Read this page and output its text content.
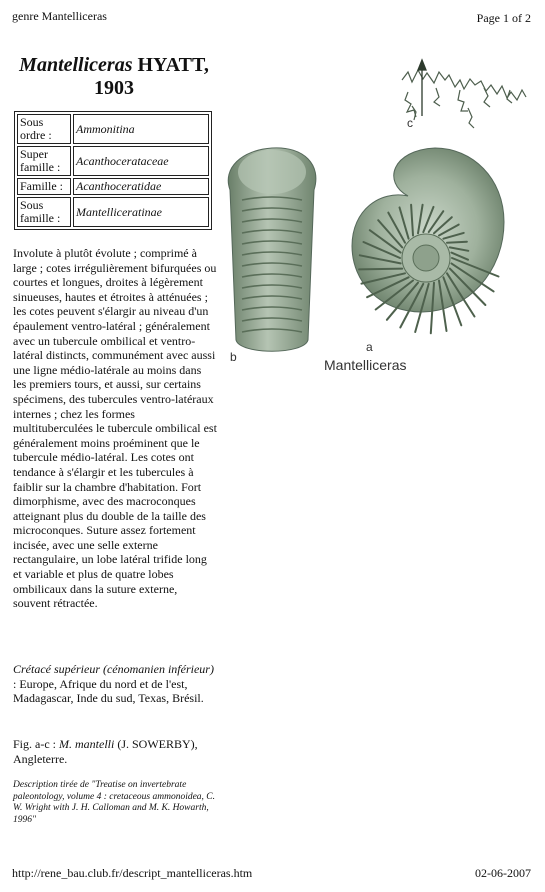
genre Mantelliceras	Page 1 of 2
Mantelliceras HYATT,
1903
Sous ordre :	Ammonitina
Super famille :	Acanthocerataceae
Famille :	Acanthoceratidae
Sous famille :	Mantelliceratinae

Involute à plutôt évolute ; comprimé à large ; cotes irrégulièrement bifurquées ou courtes et longues, droites à légèrement sinueuses, hautes et étroites à atténuées ; les cotes peuvent s'élargir au niveau d'un épaulement ventro-latéral ; généralement avec un tubercule ombilical et ventro-latéral distincts, communément avec aussi une ligne médio-latérale au moins dans les premiers tours, et aussi, sur certains spécimens, des tubercules ventro-latéraux internes ; chez les formes multituberculées le tubercule ombilical est généralement moins proéminent que le tubercule médio-latéral. Les cotes ont tendance à s'élargir et les tubercules à faiblir sur la chambre d'habitation. Fort dimorphisme, avec des macroconques atteignant plus du double de la taille des microconques. Suture assez fortement incisée, avec une selle externe rectangulaire, un lobe latéral trifide long et variable et plus de quatre lobes ombilicaux dans la suture externe, souvent rétractée.

Crétacé supérieur (cénomanien inférieur) : Europe, Afrique du nord et de l'est, Madagascar, Inde du sud, Texas, Brésil.

Fig. a-c : M. mantelli (J. SOWERBY), Angleterre.

Description tirée de "Treatise on invertebrate paleontology, volume 4 : cretaceous ammonoidea, C. W. Wright with J. H. Calloman and M. K. Howarth, 1996"

c
b
a
Mantelliceras
http://rene_bau.club.fr/descript_mantelliceras.htm	02-06-2007
